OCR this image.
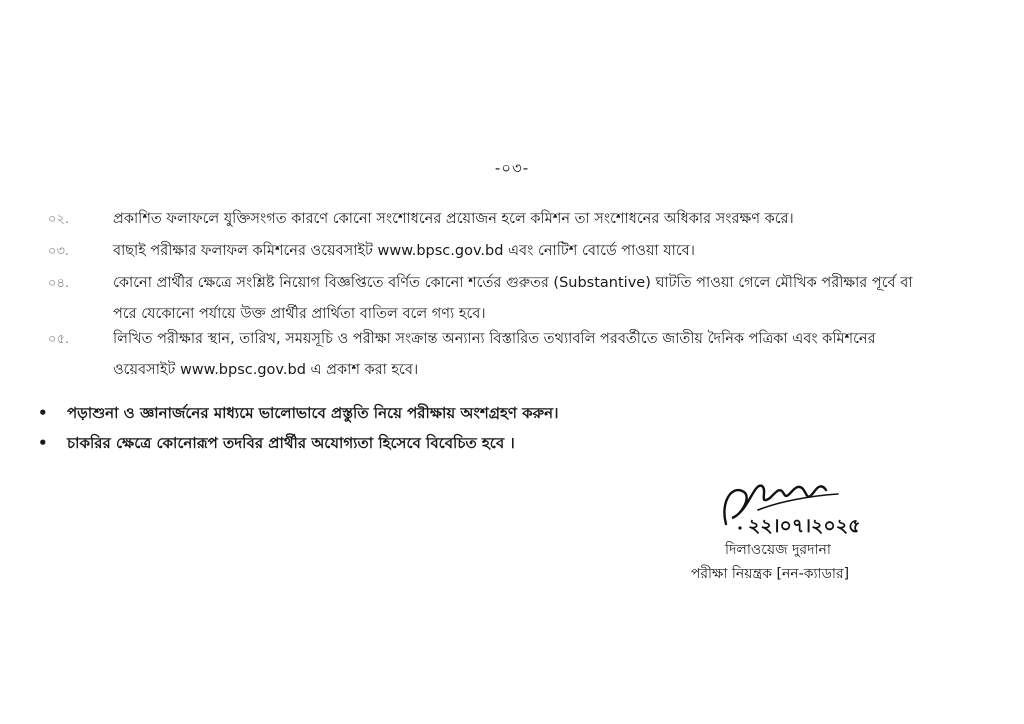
-০৩-
০২.	প্রকাশিত ফলাফলে যুক্তিসংগত কারণে কোনো সংশোধনের প্রয়োজন হলে কমিশন তা সংশোধনের অধিকার সংরক্ষণ করে।
০৩.	বাছাই পরীক্ষার ফলাফল কমিশনের ওয়েবসাইট www.bpsc.gov.bd এবং নোটিশ বোর্ডে পাওয়া যাবে।
০৪.	কোনো প্রার্থীর ক্ষেত্রে সংশ্লিষ্ট নিয়োগ বিজ্ঞপ্তিতে বর্ণিত কোনো শর্তের গুরুতর (Substantive) ঘাটতি পাওয়া গেলে মৌখিক পরীক্ষার পূর্বে বা পরে যেকোনো পর্যায়ে উক্ত প্রার্থীর প্রার্থিতা বাতিল বলে গণ্য হবে।
০৫.	লিখিত পরীক্ষার স্থান, তারিখ, সময়সূচি ও পরীক্ষা সংক্রান্ত অন্যান্য বিস্তারিত তথ্যাবলি পরবর্তীতে জাতীয় দৈনিক পত্রিকা এবং কমিশনের ওয়েবসাইট www.bpsc.gov.bd এ প্রকাশ করা হবে।
• পড়াশুনা ও জ্ঞানার্জনের মাধ্যমে ভালোভাবে প্রস্তুতি নিয়ে পরীক্ষায় অংশগ্রহণ করুন।
• চাকরির ক্ষেত্রে কোনোরূপ তদবির প্রার্থীর অযোগ্যতা হিসেবে বিবেচিত হবে ।
২২।০৭।২০২৫
দিলাওয়েজ দুরদানা
পরীক্ষা নিয়ন্ত্রক [নন-ক্যাডার]
